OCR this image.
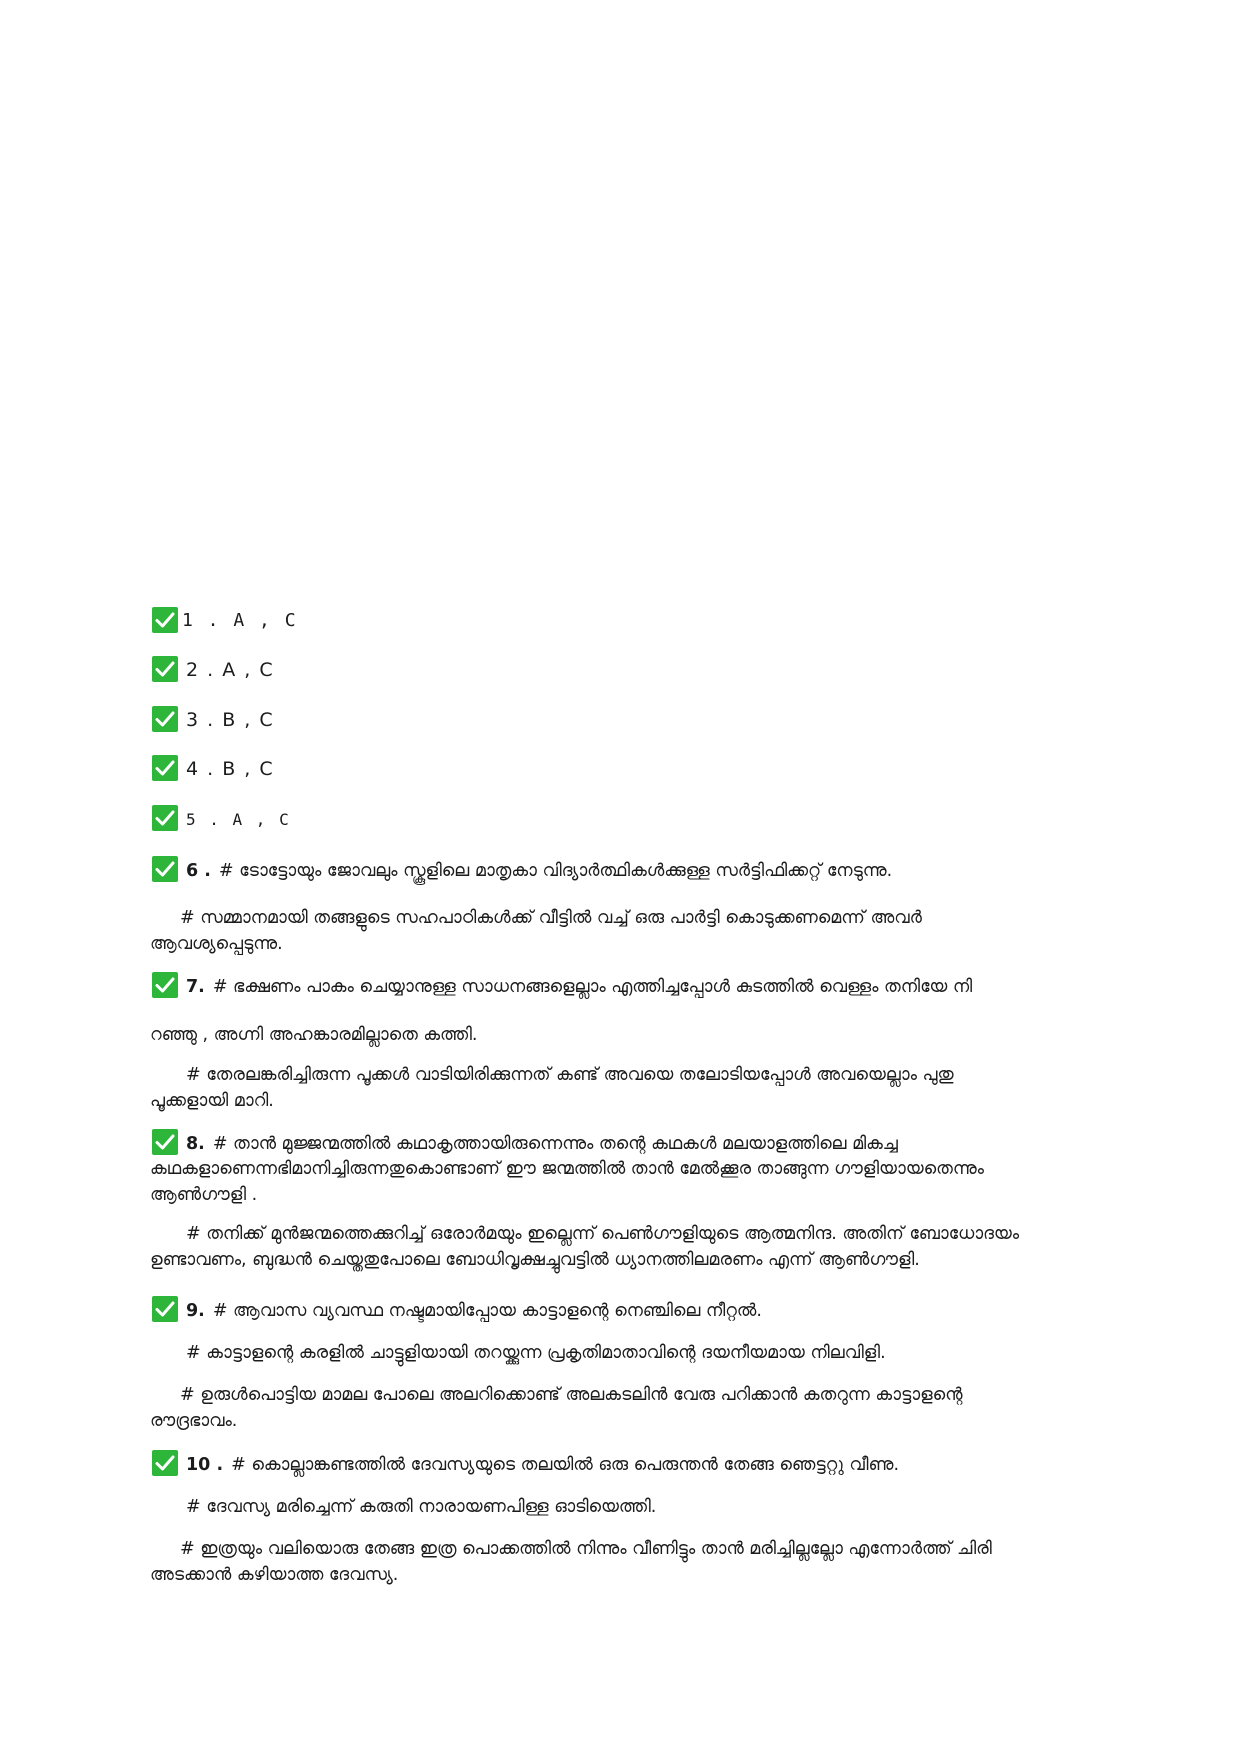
1 . A , C
2 . A , C
3 . B , C
4 . B , C
5 . A , C
6 . # ടോട്ടോയും ജോവലും സ്കൂളിലെ മാതൃകാ വിദ്യാർത്ഥികൾക്കുള്ള സർട്ടിഫിക്കറ്റ് നേടുന്നു.
# സമ്മാനമായി തങ്ങളുടെ സഹപാഠികൾക്ക് വീട്ടിൽ വച്ച് ഒരു പാർട്ടി കൊടുക്കണമെന്ന് അവർ
ആവശ്യപ്പെടുന്നു.
7. # ഭക്ഷണം പാകം ചെയ്യാനുള്ള സാധനങ്ങളെല്ലാം എത്തിച്ചപ്പോൾ കുടത്തിൽ വെള്ളം തനിയേ നി
റഞ്ഞു , അഗ്നി അഹങ്കാരമില്ലാതെ കത്തി.
# തേരലങ്കരിച്ചിരുന്ന പൂക്കൾ വാടിയിരിക്കുന്നത് കണ്ട് അവയെ തലോടിയപ്പോൾ അവയെല്ലാം പുതു
പൂക്കളായി മാറി.
8. # താൻ മുജ്ജന്മത്തിൽ കഥാകൃത്തായിരുന്നെന്നും തന്റെ കഥകൾ മലയാളത്തിലെ മികച്ച
കഥകളാണെന്നഭിമാനിച്ചിരുന്നതുകൊണ്ടാണ് ഈ ജന്മത്തിൽ താൻ മേൽക്കൂര താങ്ങുന്ന ഗൗളിയായതെന്നും
ആൺഗൗളി .
# തനിക്ക് മുൻജന്മത്തെക്കുറിച്ച് ഒരോർമയും ഇല്ലെന്ന് പെൺഗൗളിയുടെ ആത്മനിന്ദ. അതിന് ബോധോദയം
ഉണ്ടാവണം, ബുദ്ധൻ ചെയ്തതുപോലെ ബോധിവൃക്ഷച്ചുവട്ടിൽ ധ്യാനത്തിലമരണം എന്ന് ആൺഗൗളി.
9. # ആവാസ വ്യവസ്ഥ നഷ്ടമായിപ്പോയ കാട്ടാളന്റെ നെഞ്ചിലെ നീറ്റൽ.
# കാട്ടാളന്റെ കരളിൽ ചാട്ടുളിയായി തറയ്ക്കുന്ന പ്രകൃതിമാതാവിന്റെ ദയനീയമായ നിലവിളി.
# ഉരുൾപൊട്ടിയ മാമല പോലെ അലറിക്കൊണ്ട് അലകടലിൻ വേരു പറിക്കാൻ കതറുന്ന കാട്ടാളന്റെ
രൗദ്രഭാവം.
10 . # കൊല്ലാങ്കണ്ടത്തിൽ ദേവസ്യയുടെ തലയിൽ ഒരു പെരുന്തൻ തേങ്ങ ഞെട്ടറ്റു വീണു.
# ദേവസ്യ മരിച്ചെന്ന് കരുതി നാരായണപിള്ള ഓടിയെത്തി.
# ഇത്രയും വലിയൊരു തേങ്ങ ഇത്ര പൊക്കത്തിൽ നിന്നും വീണിട്ടും താൻ മരിച്ചില്ലല്ലോ എന്നോർത്ത് ചിരി
അടക്കാൻ കഴിയാത്ത ദേവസ്യ.
